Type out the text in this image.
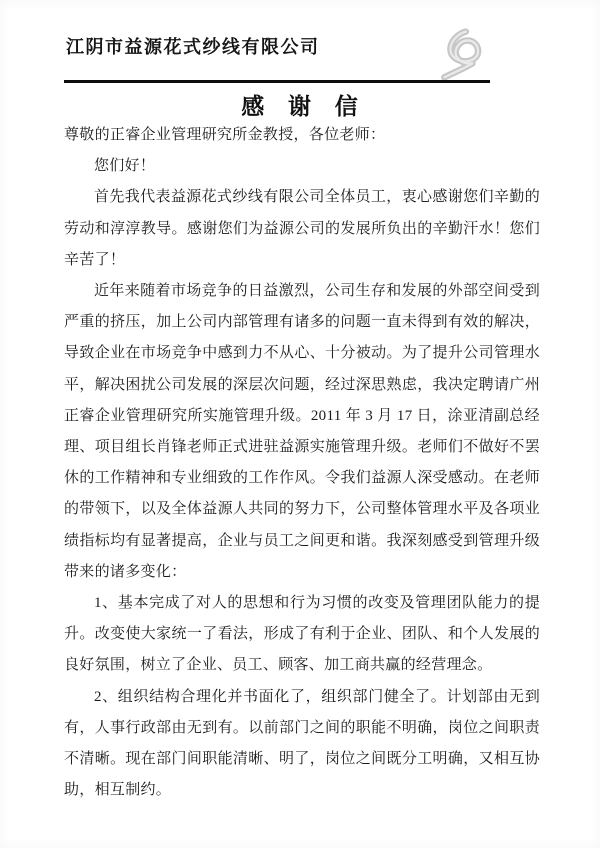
江阴市益源花式纱线有限公司
感 谢 信

尊敬的正睿企业管理研究所金教授，各位老师：

您们好！

首先我代表益源花式纱线有限公司全体员工，衷心感谢您们辛勤的劳动和淳淳教导。感谢您们为益源公司的发展所负出的辛勤汗水！您们辛苦了！

近年来随着市场竞争的日益激烈，公司生存和发展的外部空间受到严重的挤压，加上公司内部管理有诸多的问题一直未得到有效的解决，导致企业在市场竞争中感到力不从心、十分被动。为了提升公司管理水平，解决困扰公司发展的深层次问题，经过深思熟虑，我决定聘请广州正睿企业管理研究所实施管理升级。2011 年 3 月 17 日，涂亚清副总经理、项目组长肖锋老师正式进驻益源实施管理升级。老师们不做好不罢休的工作精神和专业细致的工作作风。令我们益源人深受感动。在老师的带领下，以及全体益源人共同的努力下，公司整体管理水平及各项业绩指标均有显著提高，企业与员工之间更和谐。我深刻感受到管理升级带来的诸多变化：

1、基本完成了对人的思想和行为习惯的改变及管理团队能力的提升。改变使大家统一了看法，形成了有利于企业、团队、和个人发展的良好氛围，树立了企业、员工、顾客、加工商共赢的经营理念。

2、组织结构合理化并书面化了，组织部门健全了。计划部由无到有，人事行政部由无到有。以前部门之间的职能不明确，岗位之间职责不清晰。现在部门间职能清晰、明了，岗位之间既分工明确，又相互协助，相互制约。
